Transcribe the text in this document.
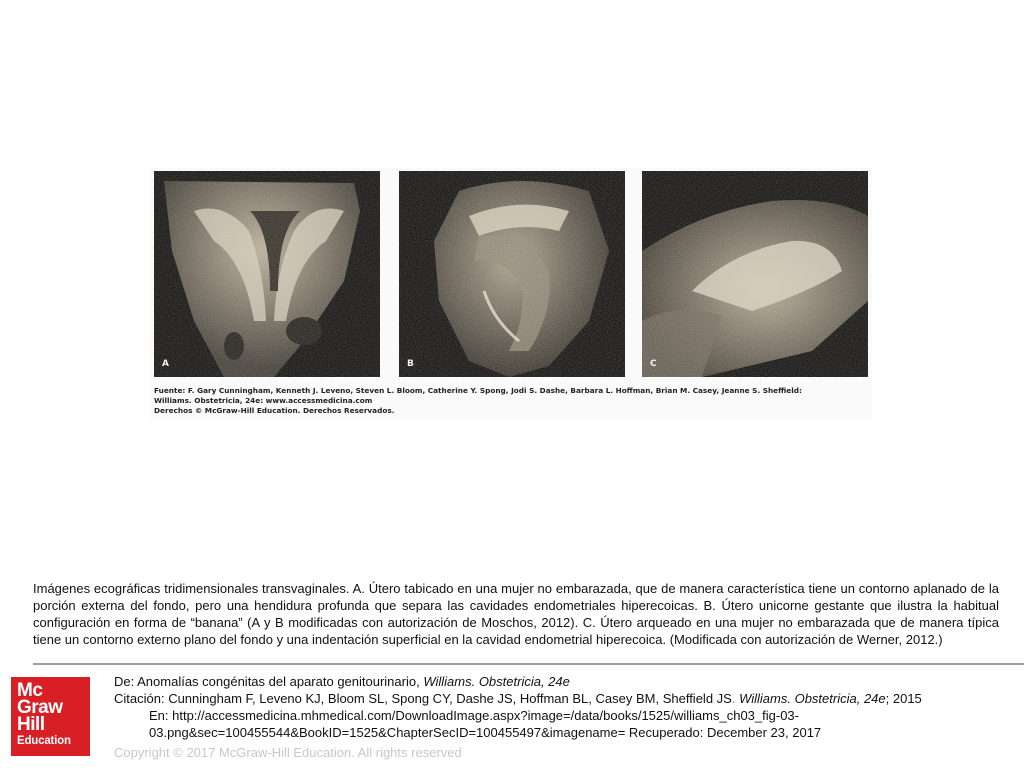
A	B	C
Fuente: F. Gary Cunningham, Kenneth J. Leveno, Steven L. Bloom, Catherine Y. Spong, Jodi S. Dashe, Barbara L. Hoffman, Brian M. Casey, Jeanne S. Sheffield:
Williams. Obstetricia, 24e: www.accessmedicina.com
Derechos © McGraw-Hill Education. Derechos Reservados.
Imágenes ecográficas tridimensionales transvaginales. A. Útero tabicado en una mujer no embarazada, que de manera característica tiene un contorno aplanado de la porción externa del fondo, pero una hendidura profunda que separa las cavidades endometriales hiperecoicas. B. Útero unicorne gestante que ilustra la habitual configuración en forma de “banana” (A y B modificadas con autorización de Moschos, 2012). C. Útero arqueado en una mujer no embarazada que de manera típica tiene un contorno externo plano del fondo y una indentación superficial en la cavidad endometrial hiperecoica. (Modificada con autorización de Werner, 2012.)
Mc
Graw
Hill
Education
De: Anomalías congénitas del aparato genitourinario, Williams. Obstetricia, 24e
Citación: Cunningham F, Leveno KJ, Bloom SL, Spong CY, Dashe JS, Hoffman BL, Casey BM, Sheffield JS. Williams. Obstetricia, 24e; 2015
En: http://accessmedicina.mhmedical.com/DownloadImage.aspx?image=/data/books/1525/williams_ch03_fig-03-
03.png&sec=100455544&BookID=1525&ChapterSecID=100455497&imagename= Recuperado: December 23, 2017
Copyright © 2017 McGraw-Hill Education. All rights reserved
